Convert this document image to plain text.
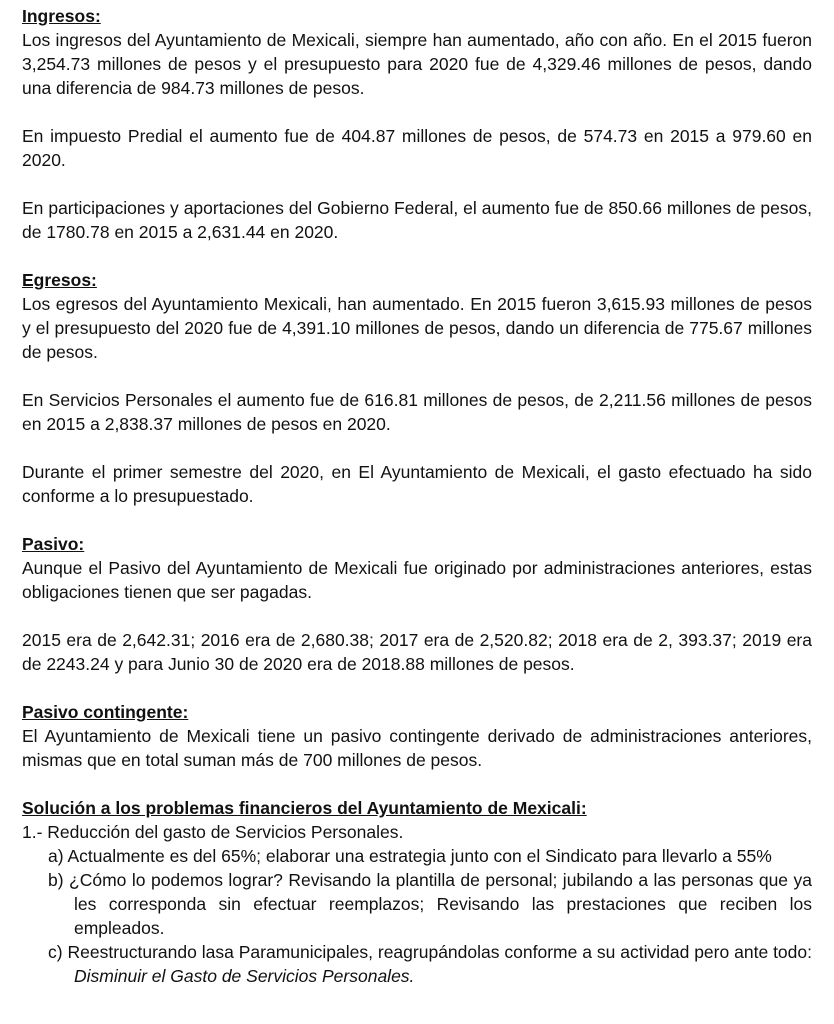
Ingresos:

Los ingresos del Ayuntamiento de Mexicali, siempre han aumentado, año con año. En el 2015 fueron 3,254.73 millones de pesos y el presupuesto para 2020 fue de 4,329.46 millones de pesos, dando una diferencia de 984.73 millones de pesos.

En impuesto Predial el aumento fue de 404.87 millones de pesos, de 574.73 en 2015 a 979.60 en 2020.

En participaciones y aportaciones del Gobierno Federal, el aumento fue de 850.66 millones de pesos, de 1780.78 en 2015 a 2,631.44 en 2020.

Egresos:

Los egresos del Ayuntamiento Mexicali, han aumentado. En 2015 fueron 3,615.93 millones de pesos y el presupuesto del 2020 fue de 4,391.10 millones de pesos, dando un diferencia de 775.67 millones de pesos.

En Servicios Personales el aumento fue de 616.81 millones de pesos, de 2,211.56 millones de pesos en 2015 a 2,838.37 millones de pesos en 2020.

Durante el primer semestre del 2020, en El Ayuntamiento de Mexicali, el gasto efectuado ha sido conforme a lo presupuestado.

Pasivo:

Aunque el Pasivo del Ayuntamiento de Mexicali fue originado por administraciones anteriores, estas obligaciones tienen que ser pagadas.

2015 era de 2,642.31; 2016 era de 2,680.38; 2017 era de 2,520.82; 2018 era de 2, 393.37; 2019 era de 2243.24 y para Junio 30 de 2020 era de 2018.88 millones de pesos.

Pasivo contingente:

El Ayuntamiento de Mexicali tiene un pasivo contingente derivado de administraciones anteriores, mismas que en total suman más de 700 millones de pesos.

Solución a los problemas financieros del Ayuntamiento de Mexicali:
1.- Reducción del gasto de Servicios Personales.

a) Actualmente es del 65%; elaborar una estrategia junto con el Sindicato para llevarlo a 55%

b) ¿Cómo lo podemos lograr? Revisando la plantilla de personal; jubilando a las personas que ya les corresponda sin efectuar reemplazos; Revisando las prestaciones que reciben los empleados.

c) Reestructurando lasa Paramunicipales, reagrupándolas conforme a su actividad pero ante todo: Disminuir el Gasto de Servicios Personales.
